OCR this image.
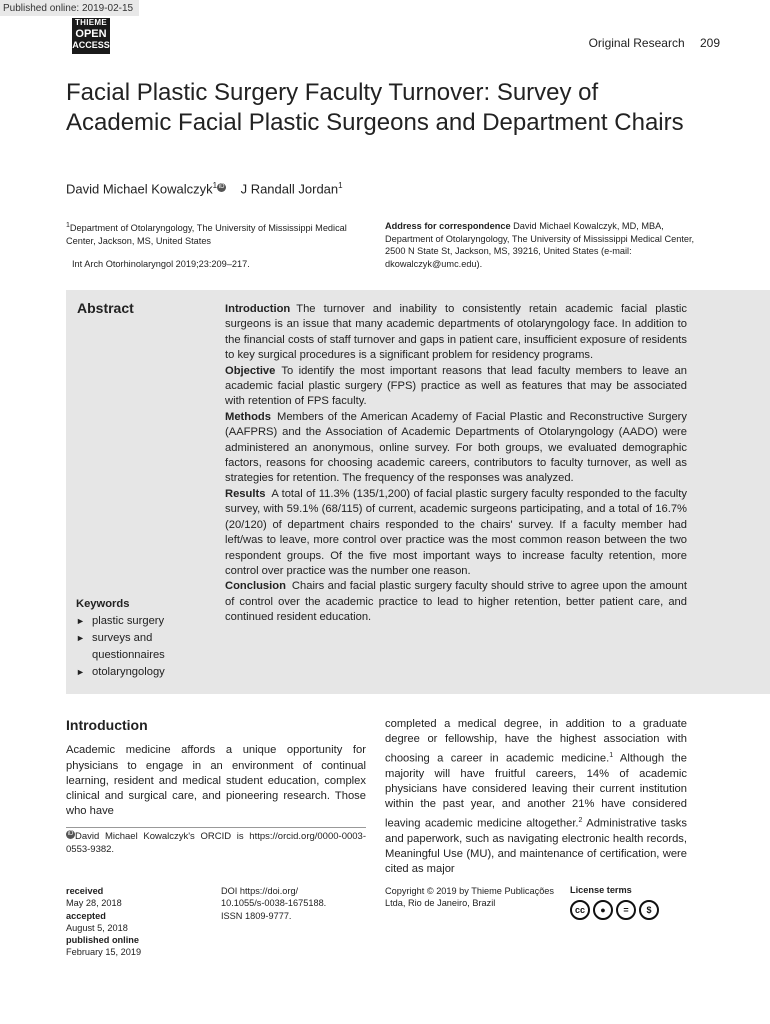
Published online: 2019-02-15
THIEME
OPEN
ACCESS	Original Research 209
Facial Plastic Surgery Faculty Turnover: Survey of Academic Facial Plastic Surgeons and Department Chairs
David Michael Kowalczyk$^1$ iD J Randall Jordan$^1$
$^1$Department of Otolaryngology, The University of Mississippi Medical Center, Jackson, MS, United States
Int Arch Otorhinolaryngol 2019;23:209–217.
Address for correspondence David Michael Kowalczyk, MD, MBA, Department of Otolaryngology, The University of Mississippi Medical Center, 2500 N State St, Jackson, MS, 39216, United States (e-mail: dkowalczyk@umc.edu).
Abstract	Introduction The turnover and inability to consistently retain academic facial plastic surgeons is an issue that many academic departments of otolaryngology face. In addition to the financial costs of staff turnover and gaps in patient care, insufficient exposure of residents to key surgical procedures is a significant problem for residency programs.

Objective To identify the most important reasons that lead faculty members to leave an academic facial plastic surgery (FPS) practice as well as features that may be associated with retention of FPS faculty.

Methods Members of the American Academy of Facial Plastic and Reconstructive Surgery (AAFPRS) and the Association of Academic Departments of Otolaryngology (AADO) were administered an anonymous, online survey. For both groups, we evaluated demographic factors, reasons for choosing academic careers, contributors to faculty turnover, as well as strategies for retention. The frequency of the responses was analyzed.

Results A total of 11.3% (135/1,200) of facial plastic surgery faculty responded to the faculty survey, with 59.1% (68/115) of current, academic surgeons participating, and a total of 16.7% (20/120) of department chairs responded to the chairs' survey. If a faculty member had left/was to leave, more control over practice was the most common reason between the two respondent groups. Of the five most important ways to increase faculty retention, more control over practice was the number one reason.

Conclusion Chairs and facial plastic surgery faculty should strive to agree upon the amount of control over the academic practice to lead to higher retention, better patient care, and continued resident education.

Keywords
► plastic surgery
► surveys and questionnaires
► otolaryngology
Introduction

Academic medicine affords a unique opportunity for physicians to engage in an environment of continual learning, resident and medical student education, complex clinical and surgical care, and pioneering research. Those who have

completed a medical degree, in addition to a graduate degree or fellowship, have the highest association with choosing a career in academic medicine.$^1$ Although the majority will have fruitful careers, 14% of academic physicians have considered leaving their current institution within the past year, and another 21% have considered leaving academic medicine altogether.$^2$ Administrative tasks and paperwork, such as navigating electronic health records, Meaningful Use (MU), and maintenance of certification, were cited as major

iD David Michael Kowalczyk's ORCID is https://orcid.org/0000-0003-0553-9382.
received
May 28, 2018
accepted
August 5, 2018
published online
February 15, 2019
DOI https://doi.org/
10.1055/s-0038-1675188.
ISSN 1809-9777.
Copyright © 2019 by Thieme Publicações Ltda, Rio de Janeiro, Brazil
License terms
cc ● = $
